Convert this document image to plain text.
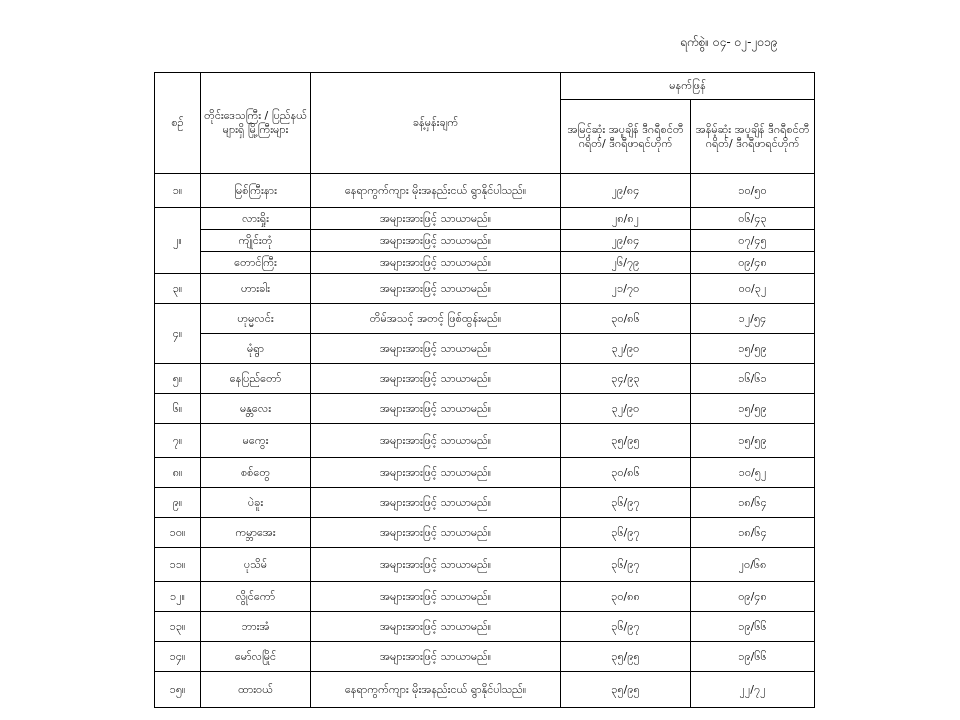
ရက်စွဲ။ ၀၄- ၀၂-၂၀၁၉
စဉ်	တိုင်းဒေသကြီး / ပြည်နယ်များရှိ မြို့ကြီးများ	ခန့်မှန်းချက်	မနက်ဖြန်	
			အမြင့်ဆုံး အပူချိန် ဒီဂရီစင်တီဂရိတ်/ ဒီဂရီဖာရင်ဟိုက်	အနိမ့်ဆုံး အပူချိန် ဒီဂရီစင်တီဂရိတ်/ ဒီဂရီဖာရင်ဟိုက်
၁။	မြစ်ကြီးနား	နေရာကွက်ကျား မိုးအနည်းငယ် ရွာနိုင်ပါသည်။	၂၉/၈၄	၁၀/၅၀
၂။	လားရှိုး	အများအားဖြင့် သာယာမည်။	၂၈/၈၂	၀၆/၄၃
	ကျိုင်းတုံ	အများအားဖြင့် သာယာမည်။	၂၉/၈၄	၀၇/၄၅
	တောင်ကြီး	အများအားဖြင့် သာယာမည်။	၂၆/၇၉	၀၉/၄၈
၃။	ဟားခါး	အများအားဖြင့် သာယာမည်။	၂၁/၇၀	၀၀/၃၂
၄။	ဟုမ္မလင်း	တိမ်အသင့် အတင့် ဖြစ်ထွန်းမည်။	၃၀/၈၆	၁၂/၅၄
	မုံရွာ	အများအားဖြင့် သာယာမည်။	၃၂/၉၀	၁၅/၅၉
၅။	နေပြည်တော်	အများအားဖြင့် သာယာမည်။	၃၄/၉၃	၁၆/၆၁
၆။	မန္တလေး	အများအားဖြင့် သာယာမည်။	၃၂/၉၀	၁၅/၅၉
၇။	မကွေး	အများအားဖြင့် သာယာမည်။	၃၅/၉၅	၁၅/၅၉
၈။	စစ်တွေ	အများအားဖြင့် သာယာမည်။	၃၀/၈၆	၁၀/၅၂
၉။	ပဲခူး	အများအားဖြင့် သာယာမည်။	၃၆/၉၇	၁၈/၆၄
၁၀။	ကမ္ဘာအေး	အများအားဖြင့် သာယာမည်။	၃၆/၉၇	၁၈/၆၄
၁၁။	ပုသိမ်	အများအားဖြင့် သာယာမည်။	၃၆/၉၇	၂၀/၆၈
၁၂။	လွိုင်ကော်	အများအားဖြင့် သာယာမည်။	၃၀/၈၈	၀၉/၄၈
၁၃။	ဘားအံ	အများအားဖြင့် သာယာမည်။	၃၆/၉၇	၁၉/၆၆
၁၄။	မော်လမြိုင်	အများအားဖြင့် သာယာမည်။	၃၅/၉၅	၁၉/၆၆
၁၅။	ထားဝယ်	နေရာကွက်ကျား မိုးအနည်းငယ် ရွာနိုင်ပါသည်။	၃၅/၉၅	၂၂/၇၂
